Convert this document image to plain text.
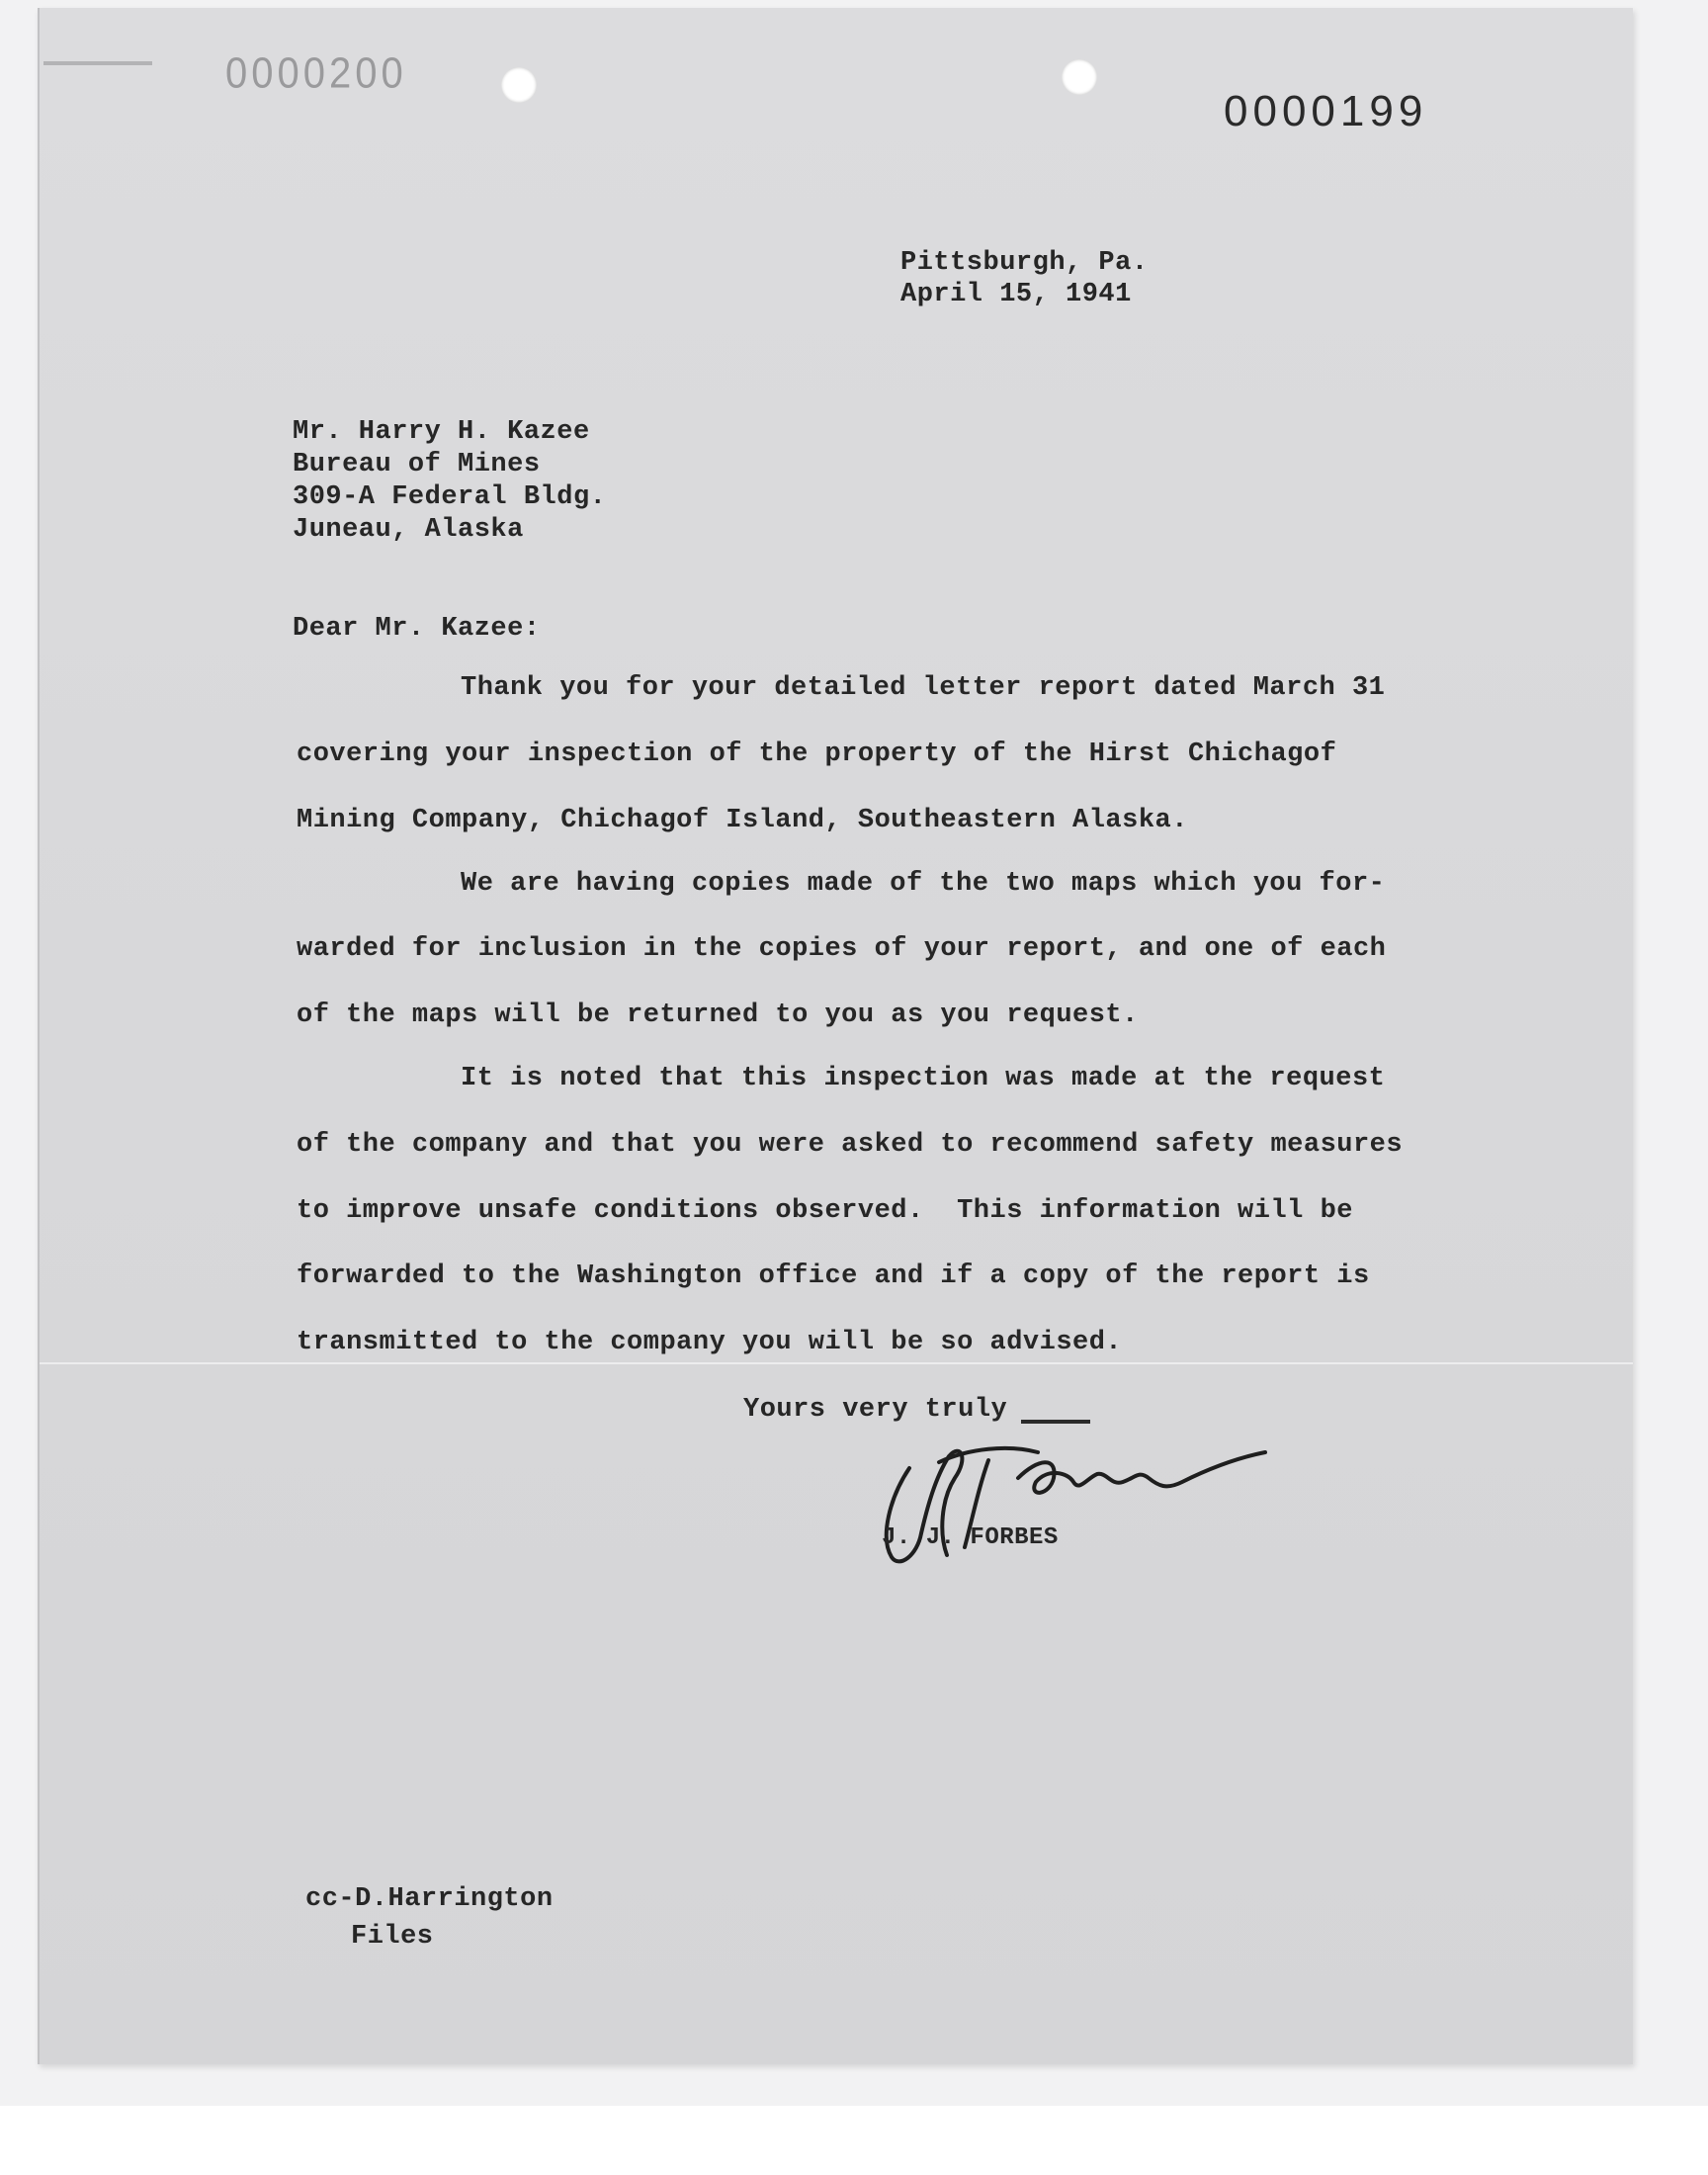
0000200
0000199
Pittsburgh, Pa.
April 15, 1941
Mr. Harry H. Kazee
Bureau of Mines
309-A Federal Bldg.
Juneau, Alaska
Dear Mr. Kazee:
Thank you for your detailed letter report dated March 31
covering your inspection of the property of the Hirst Chichagof
Mining Company, Chichagof Island, Southeastern Alaska.
We are having copies made of the two maps which you for-
warded for inclusion in the copies of your report, and one of each
of the maps will be returned to you as you request.
It is noted that this inspection was made at the request
of the company and that you were asked to recommend safety measures
to improve unsafe conditions observed.  This information will be
forwarded to the Washington office and if a copy of the report is
transmitted to the company you will be so advised.
Yours very truly
J. J. FORBES
cc-D.Harrington
Files
